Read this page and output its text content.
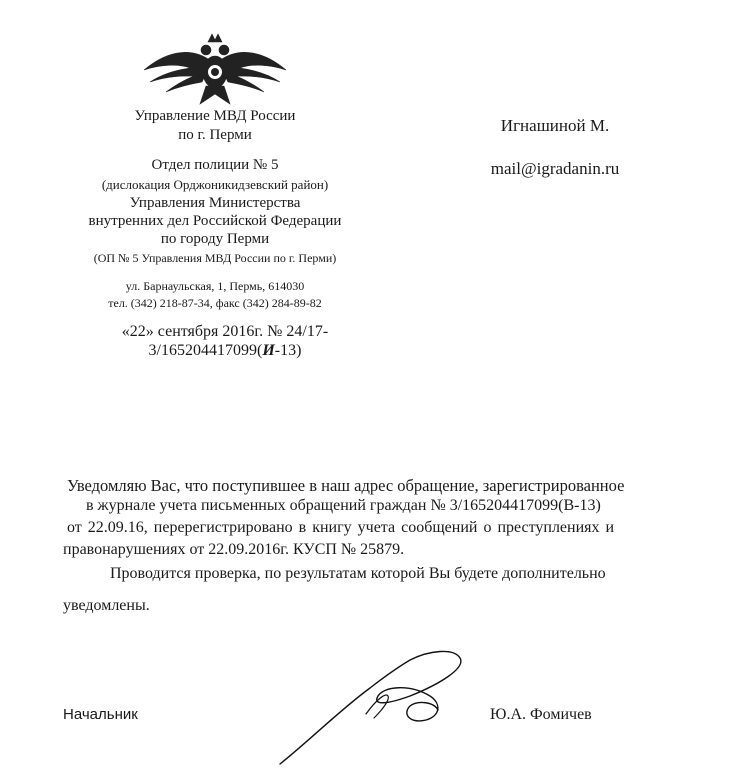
Управление МВД России
по г. Перми
Отдел полиции № 5
(дислокация Орджоникидзевский район)
Управления Министерства
внутренних дел Российской Федерации
по городу Перми
(ОП № 5 Управления МВД России по г. Перми)
ул. Барнаульская, 1, Пермь, 614030
тел. (342) 218-87-34, факс (342) 284-89-82
«22» сентября 2016г. № 24/17-
3/165204417099(И-13)
Игнашиной М.
mail@igradanin.ru
Уведомляю Вас, что поступившее в наш адрес обращение, зарегистрированное
в журнале учета письменных обращений граждан № 3/165204417099(В-13)
от 22.09.16, перерегистрировано в книгу учета сообщений о преступлениях и
правонарушениях от 22.09.2016г. КУСП № 25879.
Проводится проверка, по результатам которой Вы будете дополнительно
уведомлены.
Начальник	Ю.А. Фомичев
